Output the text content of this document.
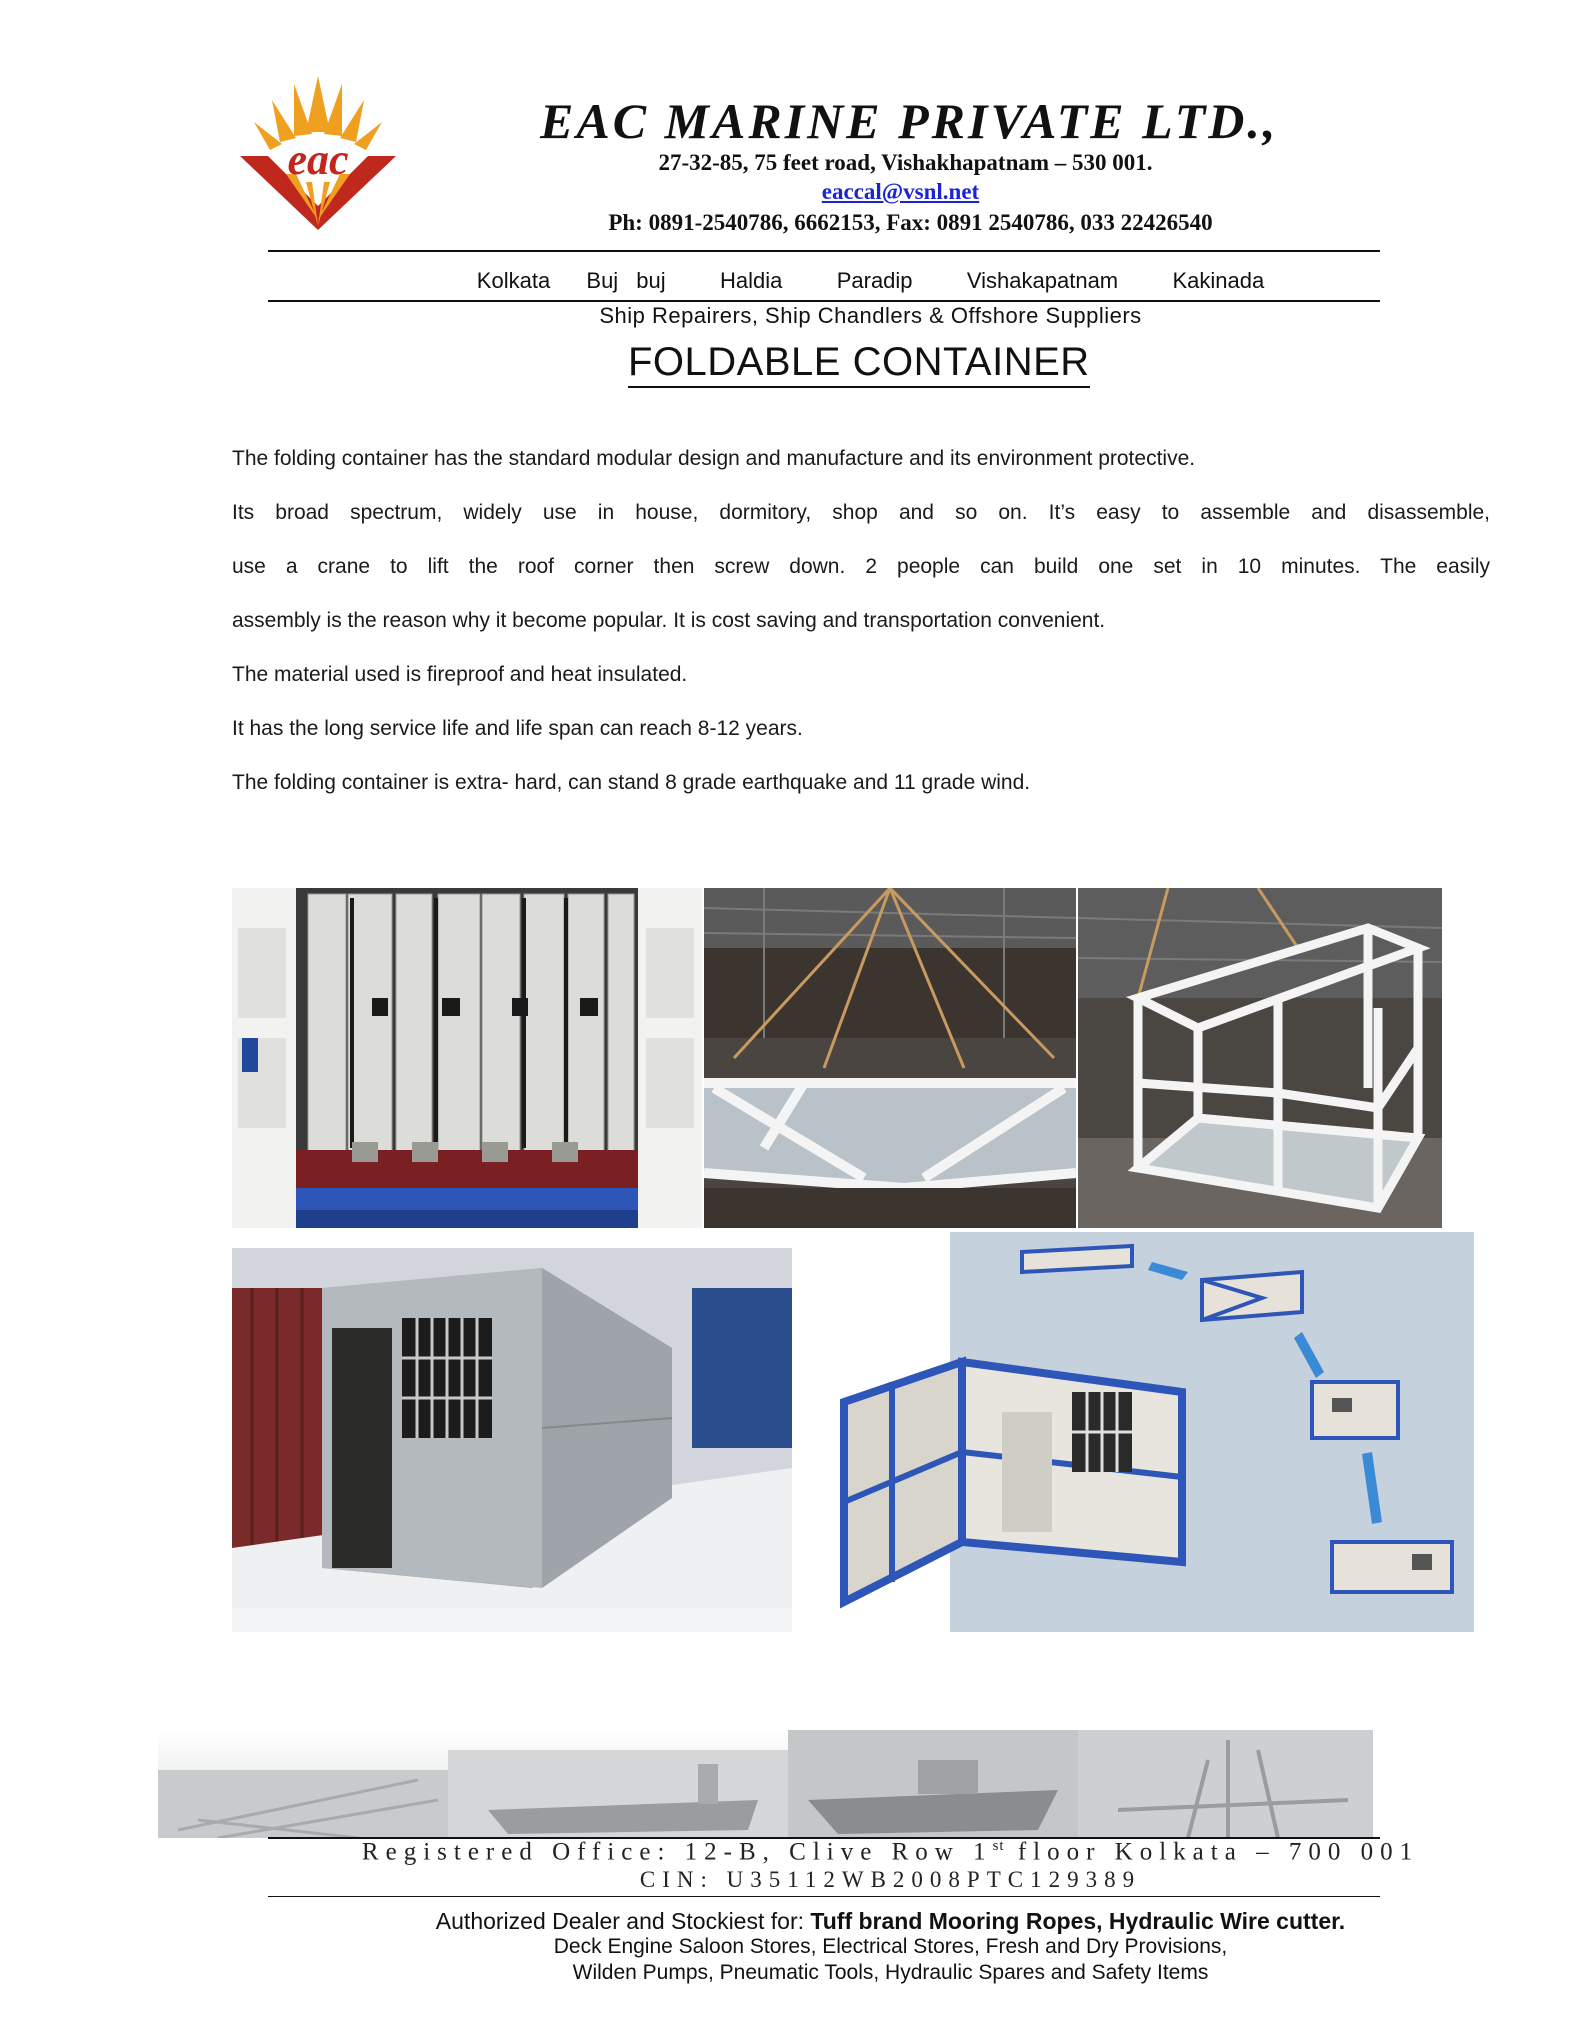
eac
EAC MARINE PRIVATE LTD.,
27-32-85, 75 feet road, Vishakhapatnam – 530 001.
eaccal@vsnl.net
Ph: 0891-2540786, 6662153, Fax: 0891 2540786, 033 22426540
Kolkata  Buj buj   Haldia   Paradip   Vishakapatnam   Kakinada
Ship Repairers, Ship Chandlers & Offshore Suppliers
FOLDABLE CONTAINER
The folding container has the standard modular design and manufacture and its environment protective.
Its broad spectrum, widely use in house, dormitory, shop and so on. It’s easy to assemble and disassemble,
use a crane to lift the roof corner then screw down. 2 people can build one set in 10 minutes. The easily
assembly is the reason why it become popular. It is cost saving and transportation convenient.
The material used is fireproof and heat insulated.
It has the long service life and life span can reach 8-12 years.
The folding container is extra- hard, can stand 8 grade earthquake and 11 grade wind.
Registered Office: 12-B, Clive Row 1st floor Kolkata – 700 001
CIN: U35112WB2008PTC129389
Authorized Dealer and Stockiest for: Tuff brand Mooring Ropes, Hydraulic Wire cutter.
Deck Engine Saloon Stores, Electrical Stores, Fresh and Dry Provisions,
Wilden Pumps, Pneumatic Tools, Hydraulic Spares and Safety Items
